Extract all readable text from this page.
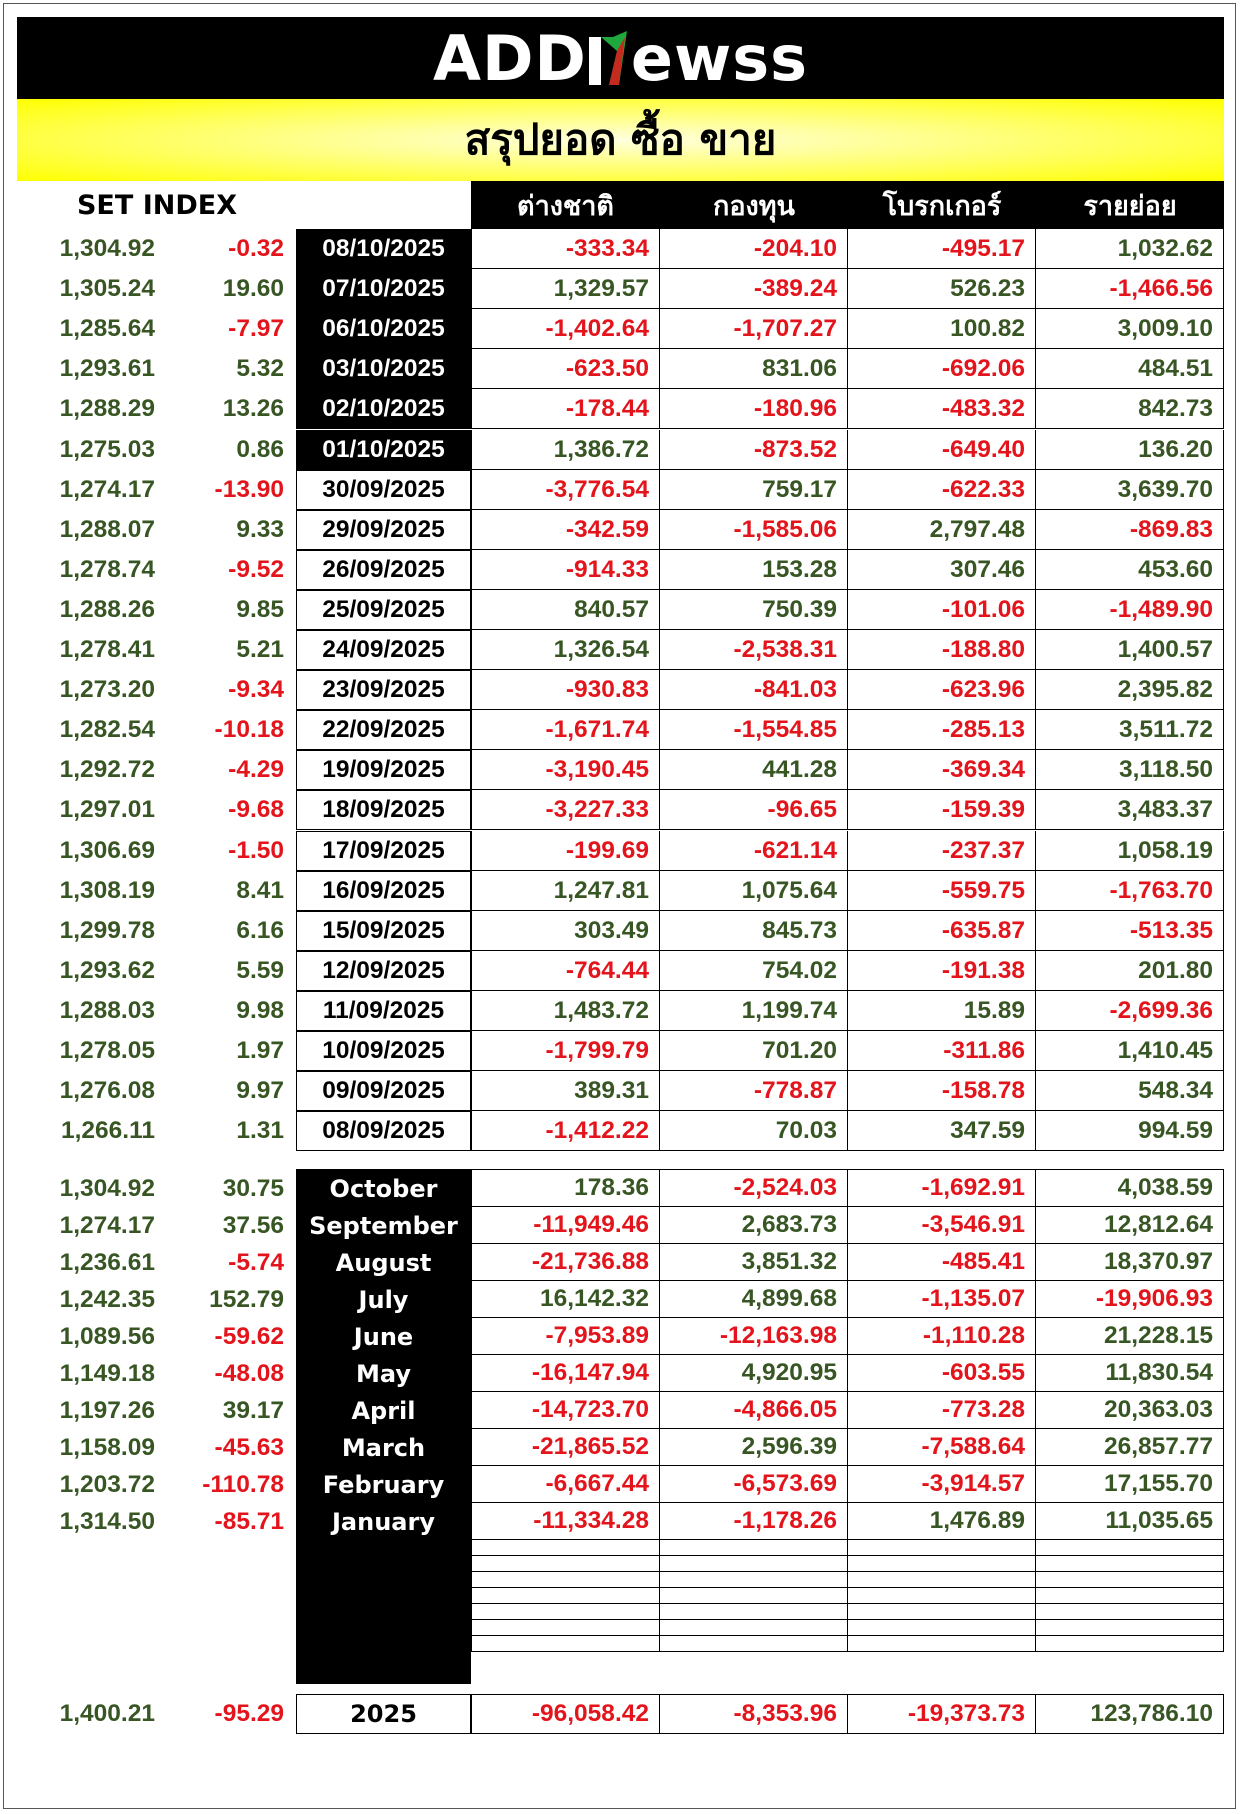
ADD ewss
สรุปยอด ซื้อ ขาย
SET INDEX	ต่างชาติ	กองทุน	โบรกเกอร์	รายย่อย
1,304.92	-0.32	08/10/2025	-333.34	-204.10	-495.17	1,032.62
1,305.24	19.60	07/10/2025	1,329.57	-389.24	526.23	-1,466.56
1,285.64	-7.97	06/10/2025	-1,402.64	-1,707.27	100.82	3,009.10
1,293.61	5.32	03/10/2025	-623.50	831.06	-692.06	484.51
1,288.29	13.26	02/10/2025	-178.44	-180.96	-483.32	842.73
1,275.03	0.86	01/10/2025	1,386.72	-873.52	-649.40	136.20
1,274.17	-13.90	30/09/2025	-3,776.54	759.17	-622.33	3,639.70
1,288.07	9.33	29/09/2025	-342.59	-1,585.06	2,797.48	-869.83
1,278.74	-9.52	26/09/2025	-914.33	153.28	307.46	453.60
1,288.26	9.85	25/09/2025	840.57	750.39	-101.06	-1,489.90
1,278.41	5.21	24/09/2025	1,326.54	-2,538.31	-188.80	1,400.57
1,273.20	-9.34	23/09/2025	-930.83	-841.03	-623.96	2,395.82
1,282.54	-10.18	22/09/2025	-1,671.74	-1,554.85	-285.13	3,511.72
1,292.72	-4.29	19/09/2025	-3,190.45	441.28	-369.34	3,118.50
1,297.01	-9.68	18/09/2025	-3,227.33	-96.65	-159.39	3,483.37
1,306.69	-1.50	17/09/2025	-199.69	-621.14	-237.37	1,058.19
1,308.19	8.41	16/09/2025	1,247.81	1,075.64	-559.75	-1,763.70
1,299.78	6.16	15/09/2025	303.49	845.73	-635.87	-513.35
1,293.62	5.59	12/09/2025	-764.44	754.02	-191.38	201.80
1,288.03	9.98	11/09/2025	1,483.72	1,199.74	15.89	-2,699.36
1,278.05	1.97	10/09/2025	-1,799.79	701.20	-311.86	1,410.45
1,276.08	9.97	09/09/2025	389.31	-778.87	-158.78	548.34
1,266.11	1.31	08/09/2025	-1,412.22	70.03	347.59	994.59
1,304.92	30.75	October	178.36	-2,524.03	-1,692.91	4,038.59
1,274.17	37.56	September	-11,949.46	2,683.73	-3,546.91	12,812.64
1,236.61	-5.74	August	-21,736.88	3,851.32	-485.41	18,370.97
1,242.35	152.79	July	16,142.32	4,899.68	-1,135.07	-19,906.93
1,089.56	-59.62	June	-7,953.89	-12,163.98	-1,110.28	21,228.15
1,149.18	-48.08	May	-16,147.94	4,920.95	-603.55	11,830.54
1,197.26	39.17	April	-14,723.70	-4,866.05	-773.28	20,363.03
1,158.09	-45.63	March	-21,865.52	2,596.39	-7,588.64	26,857.77
1,203.72	-110.78	February	-6,667.44	-6,573.69	-3,914.57	17,155.70
1,314.50	-85.71	January	-11,334.28	-1,178.26	1,476.89	11,035.65
1,400.21	-95.29	2025	-96,058.42	-8,353.96	-19,373.73	123,786.10
